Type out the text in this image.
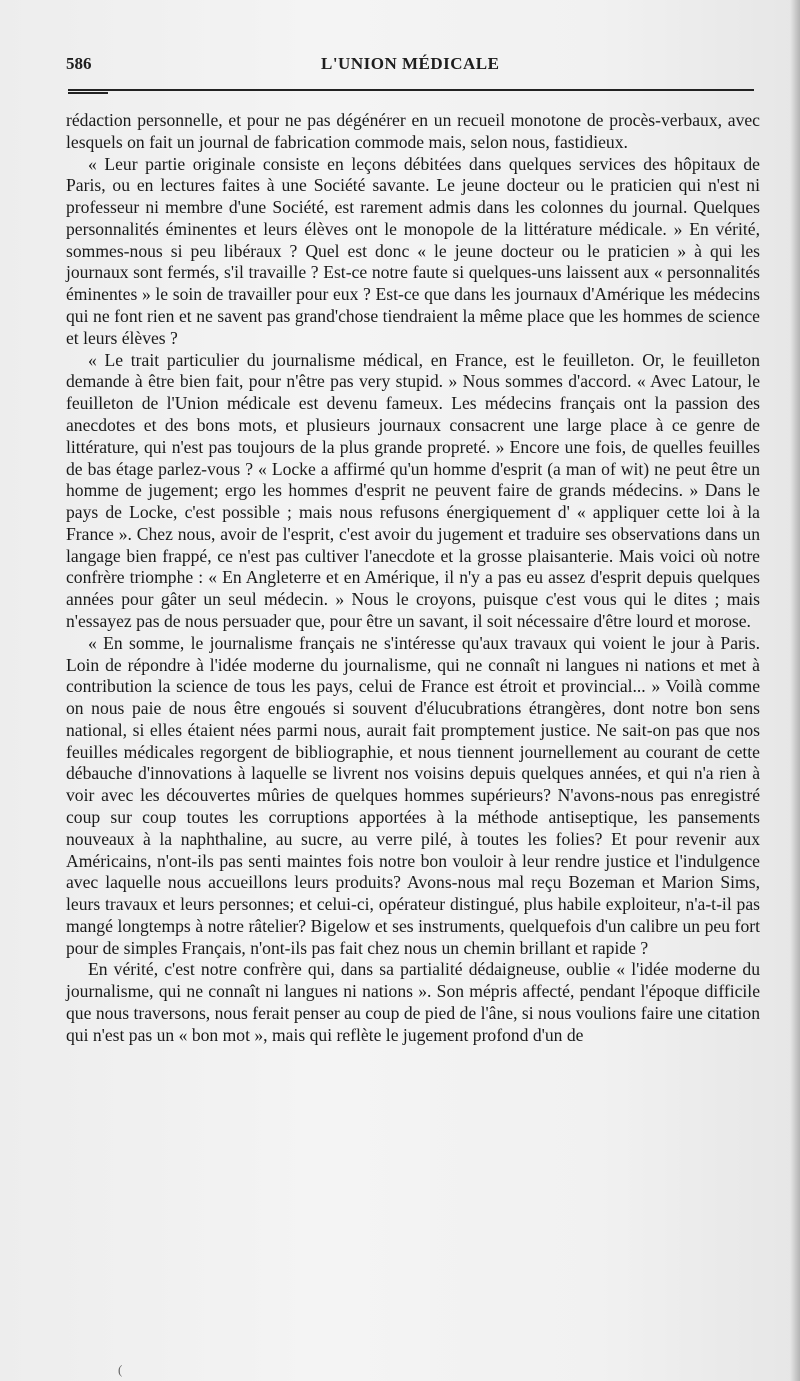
586	L'UNION MÉDICALE

rédaction personnelle, et pour ne pas dégénérer en un recueil monotone de procès-verbaux, avec lesquels on fait un journal de fabrication commode mais, selon nous, fastidieux.

« Leur partie originale consiste en leçons débitées dans quelques services des hôpitaux de Paris, ou en lectures faites à une Société savante. Le jeune docteur ou le praticien qui n'est ni professeur ni membre d'une Société, est rarement admis dans les colonnes du journal. Quelques personnalités éminentes et leurs élèves ont le monopole de la littérature médicale. » En vérité, sommes-nous si peu libéraux ? Quel est donc « le jeune docteur ou le praticien » à qui les journaux sont fermés, s'il travaille ? Est-ce notre faute si quelques-uns laissent aux « personnalités éminentes » le soin de travailler pour eux ? Est-ce que dans les journaux d'Amérique les médecins qui ne font rien et ne savent pas grand'chose tiendraient la même place que les hommes de science et leurs élèves ?

« Le trait particulier du journalisme médical, en France, est le feuilleton. Or, le feuilleton demande à être bien fait, pour n'être pas very stupid. » Nous sommes d'accord. « Avec Latour, le feuilleton de l'Union médicale est devenu fameux. Les médecins français ont la passion des anecdotes et des bons mots, et plusieurs journaux consacrent une large place à ce genre de littérature, qui n'est pas toujours de la plus grande propreté. » Encore une fois, de quelles feuilles de bas étage parlez-vous ? « Locke a affirmé qu'un homme d'esprit (a man of wit) ne peut être un homme de jugement; ergo les hommes d'esprit ne peuvent faire de grands médecins. » Dans le pays de Locke, c'est possible ; mais nous refusons énergiquement d' « appliquer cette loi à la France ». Chez nous, avoir de l'esprit, c'est avoir du jugement et traduire ses observations dans un langage bien frappé, ce n'est pas cultiver l'anecdote et la grosse plaisanterie. Mais voici où notre confrère triomphe : « En Angleterre et en Amérique, il n'y a pas eu assez d'esprit depuis quelques années pour gâter un seul médecin. » Nous le croyons, puisque c'est vous qui le dites ; mais n'essayez pas de nous persuader que, pour être un savant, il soit nécessaire d'être lourd et morose.

« En somme, le journalisme français ne s'intéresse qu'aux travaux qui voient le jour à Paris. Loin de répondre à l'idée moderne du journalisme, qui ne connaît ni langues ni nations et met à contribution la science de tous les pays, celui de France est étroit et provincial... » Voilà comme on nous paie de nous être engoués si souvent d'élucubrations étrangères, dont notre bon sens national, si elles étaient nées parmi nous, aurait fait promptement justice. Ne sait-on pas que nos feuilles médicales regorgent de bibliographie, et nous tiennent journellement au courant de cette débauche d'innovations à laquelle se livrent nos voisins depuis quelques années, et qui n'a rien à voir avec les découvertes mûries de quelques hommes supérieurs? N'avons-nous pas enregistré coup sur coup toutes les corruptions apportées à la méthode antiseptique, les pansements nouveaux à la naphthaline, au sucre, au verre pilé, à toutes les folies? Et pour revenir aux Américains, n'ont-ils pas senti maintes fois notre bon vouloir à leur rendre justice et l'indulgence avec laquelle nous accueillons leurs produits? Avons-nous mal reçu Bozeman et Marion Sims, leurs travaux et leurs personnes; et celui-ci, opérateur distingué, plus habile exploiteur, n'a-t-il pas mangé longtemps à notre râtelier? Bigelow et ses instruments, quelquefois d'un calibre un peu fort pour de simples Français, n'ont-ils pas fait chez nous un chemin brillant et rapide ?

En vérité, c'est notre confrère qui, dans sa partialité dédaigneuse, oublie « l'idée moderne du journalisme, qui ne connaît ni langues ni nations ». Son mépris affecté, pendant l'époque difficile que nous traversons, nous ferait penser au coup de pied de l'âne, si nous voulions faire une citation qui n'est pas un « bon mot », mais qui reflète le jugement profond d'un de

(
